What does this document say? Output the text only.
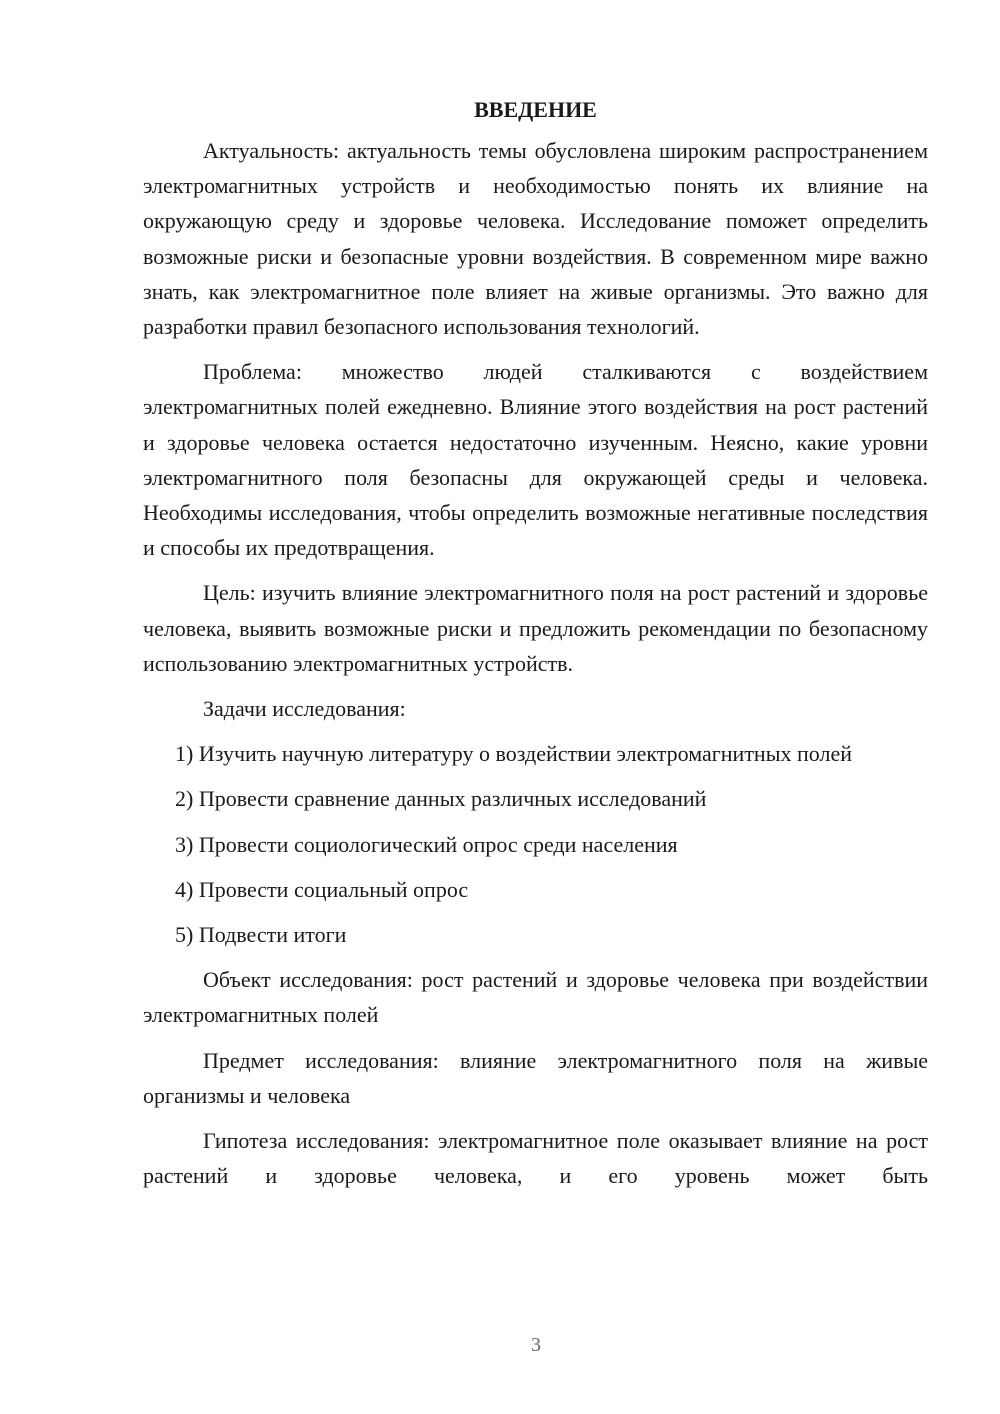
ВВЕДЕНИЕ

Актуальность: актуальность темы обусловлена широким распространением электромагнитных устройств и необходимостью понять их влияние на окружающую среду и здоровье человека. Исследование поможет определить возможные риски и безопасные уровни воздействия. В современном мире важно знать, как электромагнитное поле влияет на живые организмы. Это важно для разработки правил безопасного использования технологий.

Проблема: множество людей сталкиваются с воздействием электромагнитных полей ежедневно. Влияние этого воздействия на рост растений и здоровье человека остается недостаточно изученным. Неясно, какие уровни электромагнитного поля безопасны для окружающей среды и человека. Необходимы исследования, чтобы определить возможные негативные последствия и способы их предотвращения.

Цель: изучить влияние электромагнитного поля на рост растений и здоровье человека, выявить возможные риски и предложить рекомендации по безопасному использованию электромагнитных устройств.

Задачи исследования:

1) Изучить научную литературу о воздействии электромагнитных полей

2) Провести сравнение данных различных исследований

3) Провести социологический опрос среди населения

4) Провести социальный опрос

5) Подвести итоги

Объект исследования: рост растений и здоровье человека при воздействии электромагнитных полей

Предмет исследования: влияние электромагнитного поля на живые организмы и человека

Гипотеза исследования: электромагнитное поле оказывает влияние на рост растений и здоровье человека, и его уровень может быть

3
